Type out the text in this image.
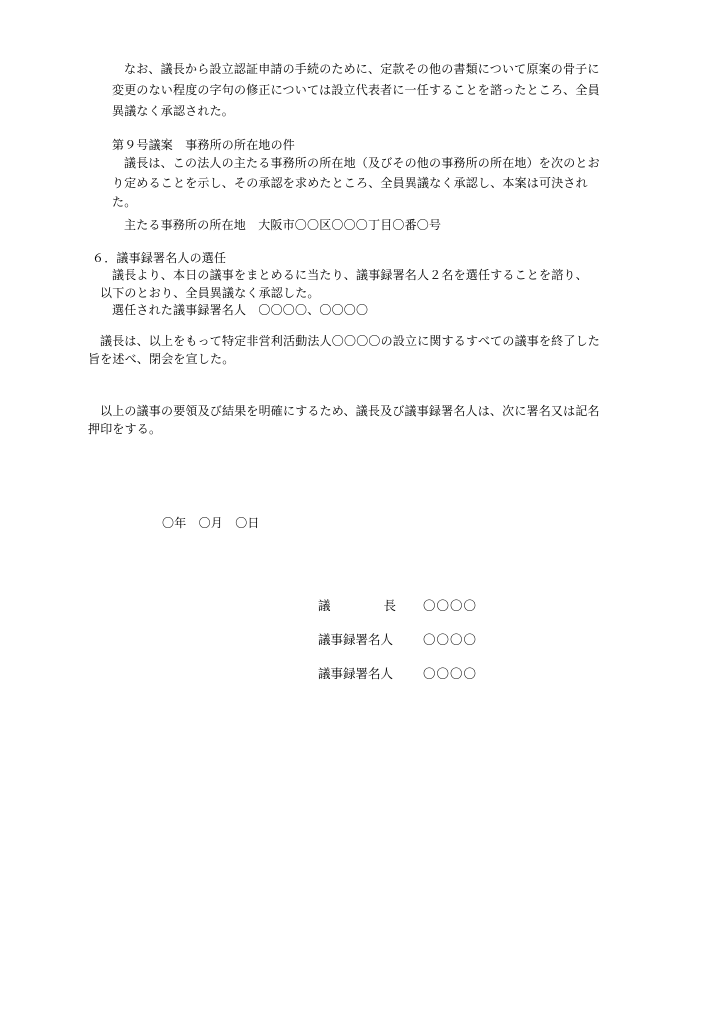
なお、議長から設立認証申請の手続のために、定款その他の書類について原案の骨子に
変更のない程度の字句の修正については設立代表者に一任することを諮ったところ、全員
異議なく承認された。
第９号議案　事務所の所在地の件
議長は、この法人の主たる事務所の所在地（及びその他の事務所の所在地）を次のとお
り定めることを示し、その承認を求めたところ、全員異議なく承認し、本案は可決され
た。
主たる事務所の所在地　大阪市〇〇区〇〇〇丁目〇番〇号
６．議事録署名人の選任
議長より、本日の議事をまとめるに当たり、議事録署名人２名を選任することを諮り、
以下のとおり、全員異議なく承認した。
選任された議事録署名人　〇〇〇〇、〇〇〇〇
議長は、以上をもって特定非営利活動法人〇〇〇〇の設立に関するすべての議事を終了した
旨を述べ、閉会を宣した。
以上の議事の要領及び結果を明確にするため、議長及び議事録署名人は、次に署名又は記名
押印をする。
〇年　〇月　〇日
議長 〇〇〇〇
議事録署名人 〇〇〇〇
議事録署名人 〇〇〇〇
